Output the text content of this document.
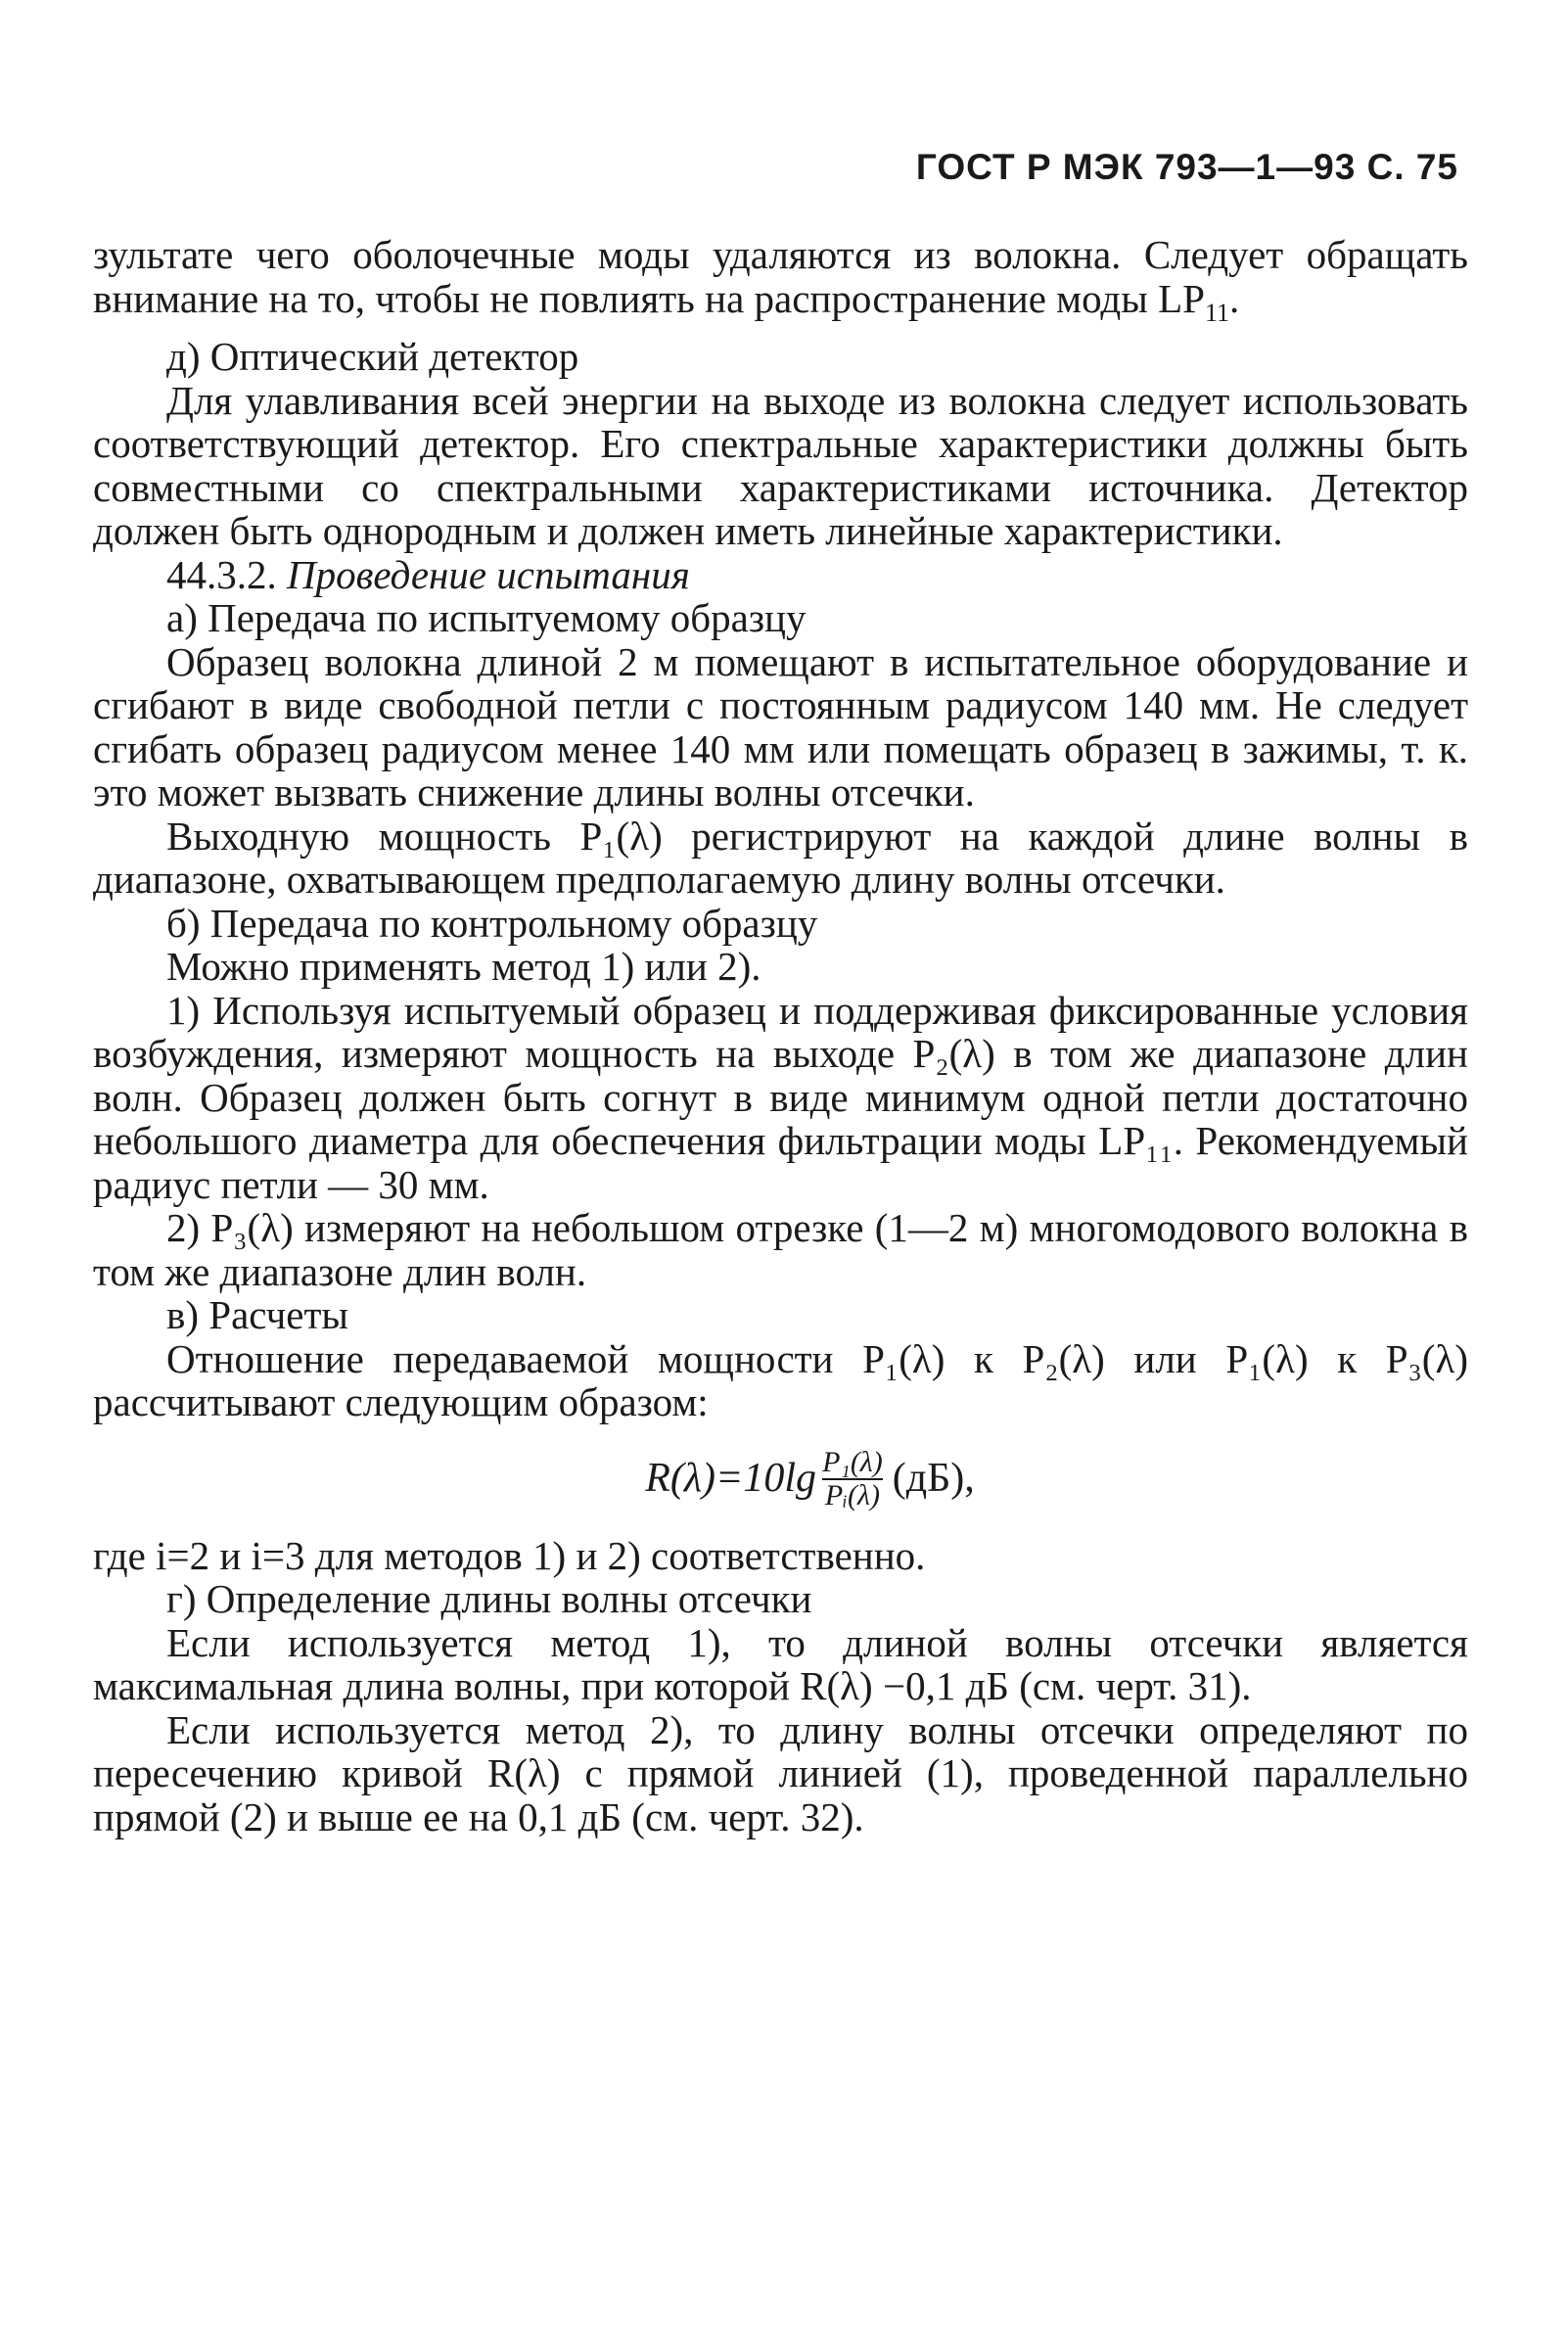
ГОСТ Р МЭК 793—1—93 С. 75

зультате чего оболочечные моды удаляются из волокна. Следует обращать внимание на то, чтобы не повлиять на распространение моды $LP_{11}$.

д) Оптический детектор

Для улавливания всей энергии на выходе из волокна следует использовать соответствующий детектор. Его спектральные характеристики должны быть совместными со спектральными характеристиками источника. Детектор должен быть однородным и должен иметь линейные характеристики.

44.3.2. Проведение испытания

а) Передача по испытуемому образцу

Образец волокна длиной 2 м помещают в испытательное оборудование и сгибают в виде свободной петли с постоянным радиусом 140 мм. Не следует сгибать образец радиусом менее 140 мм или помещать образец в зажимы, т. к. это может вызвать снижение длины волны отсечки.

Выходную мощность P₁(λ) регистрируют на каждой длине волны в диапазоне, охватывающем предполагаемую длину волны отсечки.

б) Передача по контрольному образцу

Можно применять метод 1) или 2).

1) Используя испытуемый образец и поддерживая фиксированные условия возбуждения, измеряют мощность на выходе P₂(λ) в том же диапазоне длин волн. Образец должен быть согнут в виде минимум одной петли достаточно небольшого диаметра для обеспечения фильтрации моды LP₁₁. Рекомендуемый радиус петли — 30 мм.

2) P₃(λ) измеряют на небольшом отрезке (1—2 м) многомодового волокна в том же диапазоне длин волн.

в) Расчеты

Отношение передаваемой мощности P₁(λ) к P₂(λ) или P₁(λ) к P₃(λ) рассчитывают следующим образом:

$R(\lambda)=10\lg \frac{\text{P₁(λ)}}{\text{Pᵢ(λ)}} (дБ)$,

где i=2 и i=3 для методов 1) и 2) соответственно.

г) Определение длины волны отсечки

Если используется метод 1), то длиной волны отсечки является максимальная длина волны, при которой R(λ) −0,1 дБ (см. черт. 31).

Если используется метод 2), то длину волны отсечки определяют по пересечению кривой R(λ) с прямой линией (1), проведенной параллельно прямой (2) и выше ее на 0,1 дБ (см. черт. 32).
